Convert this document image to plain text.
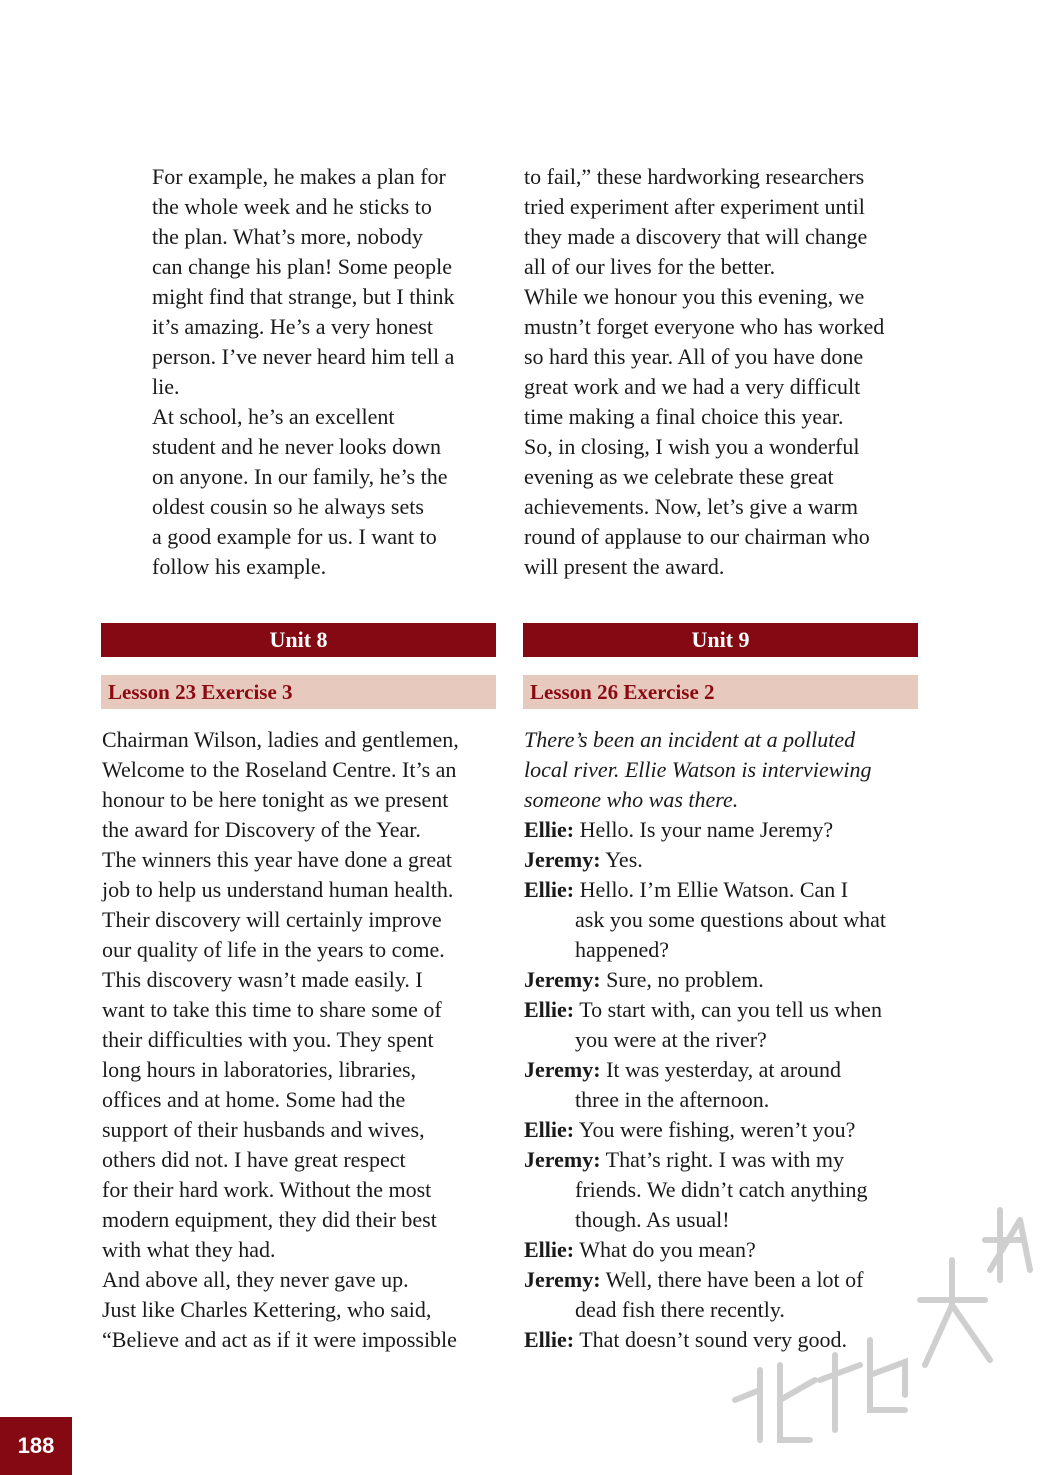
For example, he makes a plan for

the whole week and he sticks to

the plan. What’s more, nobody

can change his plan! Some people

might find that strange, but I think

it’s amazing. He’s a very honest

person. I’ve never heard him tell a

lie.

At school, he’s an excellent

student and he never looks down

on anyone. In our family, he’s the

oldest cousin so he always sets

a good example for us. I want to

follow his example.

to fail,” these hardworking researchers

tried experiment after experiment until

they made a discovery that will change

all of our lives for the better.

While we honour you this evening, we

mustn’t forget everyone who has worked

so hard this year. All of you have done

great work and we had a very difficult

time making a final choice this year.

So, in closing, I wish you a wonderful

evening as we celebrate these great

achievements. Now, let’s give a warm

round of applause to our chairman who

will present the award.

Unit 8	Unit 9
Lesson 23 Exercise 3	Lesson 26 Exercise 2

Chairman Wilson, ladies and gentlemen,

Welcome to the Roseland Centre. It’s an

honour to be here tonight as we present

the award for Discovery of the Year.

The winners this year have done a great

job to help us understand human health.

Their discovery will certainly improve

our quality of life in the years to come.

This discovery wasn’t made easily. I

want to take this time to share some of

their difficulties with you. They spent

long hours in laboratories, libraries,

offices and at home. Some had the

support of their husbands and wives,

others did not. I have great respect

for their hard work. Without the most

modern equipment, they did their best

with what they had.

And above all, they never gave up.

Just like Charles Kettering, who said,

“Believe and act as if it were impossible

There’s been an incident at a polluted

local river. Ellie Watson is interviewing

someone who was there.

Ellie: Hello. Is your name Jeremy?

Jeremy: Yes.

Ellie: Hello. I’m Ellie Watson. Can I

ask you some questions about what

happened?

Jeremy: Sure, no problem.

Ellie: To start with, can you tell us when

you were at the river?

Jeremy: It was yesterday, at around

three in the afternoon.

Ellie: You were fishing, weren’t you?

Jeremy: That’s right. I was with my

friends. We didn’t catch anything

though. As usual!

Ellie: What do you mean?

Jeremy: Well, there have been a lot of

dead fish there recently.

Ellie: That doesn’t sound very good.

188
